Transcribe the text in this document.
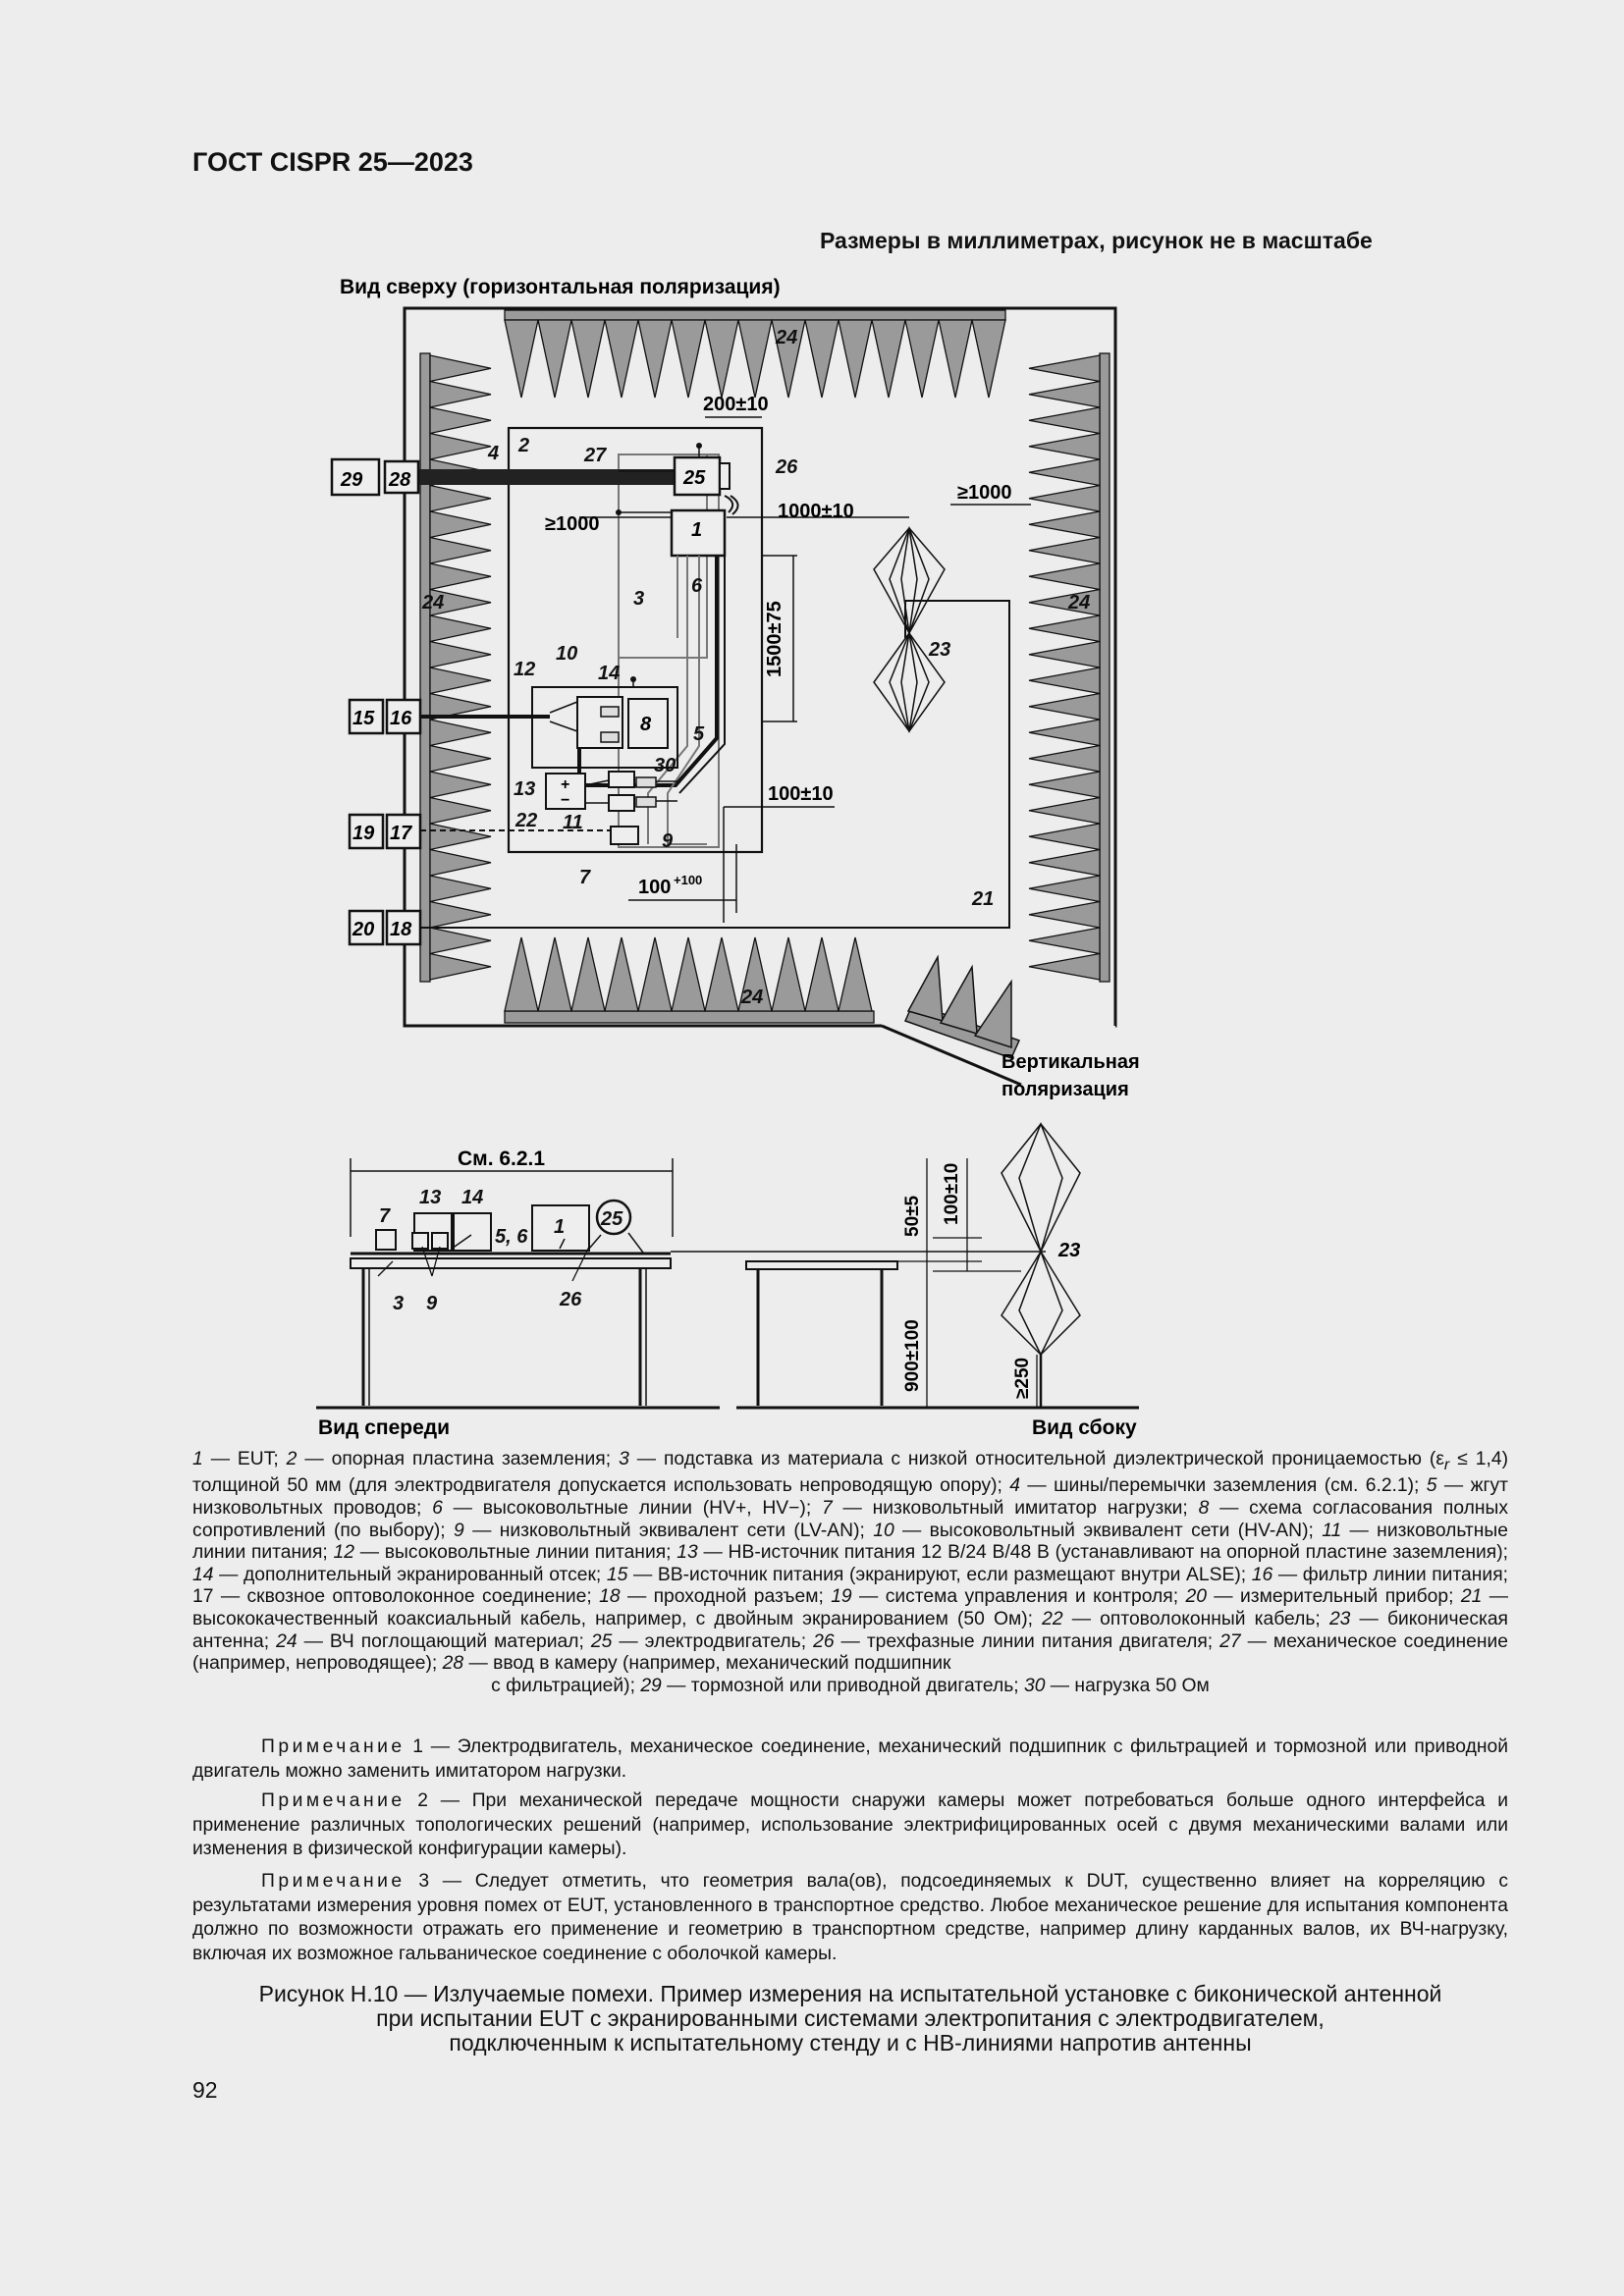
ГОСТ CISPR 25—2023
Размеры в миллиметрах, рисунок не в масштабе
Вид сверху (горизонтальная поляризация)
Вертикальная
поляризация
29 28	25
1
8
+
−
15 16
19 17
20 18
200±10
≥1000
1000±10
≥1000
1500±75
100±10
100 +100
24
24	24
24
4 2	27
26
3
6
23
10
14
12
5
30
13
22 11
9
7
21
См. 6.2.1
7
13 14
5, 6 1 25
3 9	26
50±5 100±10
900±100	≥250
23
Вид спереди	Вид сбоку
1 — EUT; 2 — опорная пластина заземления; 3 — подставка из материала с низкой относительной диэлектрической проницаемостью $(\varepsilon_r \le 1,4)$ толщиной 50 мм (для электродвигателя допускается использовать непроводящую опору); 4 — шины/перемычки заземления (см. 6.2.1); 5 — жгут низковольтных проводов; 6 — высоковольтные линии (HV+, HV−); 7 — низковольтный имитатор нагрузки; 8 — схема согласования полных сопротивлений (по выбору); 9 — низковольтный эквивалент сети (LV-AN); 10 — высоковольтный эквивалент сети (HV-AN); 11 — низковольтные линии питания; 12 — высоковольтные линии питания; 13 — НВ-источник питания 12 В/24 В/48 В (устанавливают на опорной пластине заземления); 14 — дополнительный экранированный отсек; 15 — ВВ-источник питания (экранируют, если размещают внутри ALSE); 16 — фильтр линии питания; 17 — сквозное оптоволоконное соединение; 18 — проходной разъем; 19 — система управления и контроля; 20 — измерительный прибор; 21 — высококачественный коаксиальный кабель, например, с двойным экранированием (50 Ом); 22 — оптоволоконный кабель; 23 — биконическая антенна; 24 — ВЧ поглощающий материал; 25 — электродвигатель; 26 — трехфазные линии питания двигателя; 27 — механическое соединение (например, непроводящее); 28 — ввод в камеру (например, механический подшипник
с фильтрацией); 29 — тормозной или приводной двигатель; 30 — нагрузка 50 Ом
Примечание 1 — Электродвигатель, механическое соединение, механический подшипник с фильтрацией и тормозной или приводной двигатель можно заменить имитатором нагрузки.
Примечание 2 — При механической передаче мощности снаружи камеры может потребоваться больше одного интерфейса и применение различных топологических решений (например, использование электрифицированных осей с двумя механическими валами или изменения в физической конфигурации камеры).
Примечание 3 — Следует отметить, что геометрия вала(ов), подсоединяемых к DUT, существенно влияет на корреляцию с результатами измерения уровня помех от EUT, установленного в транспортное средство. Любое механическое решение для испытания компонента должно по возможности отражать его применение и геометрию в транспортном средстве, например длину карданных валов, их ВЧ-нагрузку, включая их возможное гальваническое соединение с оболочкой камеры.
Рисунок H.10 — Излучаемые помехи. Пример измерения на испытательной установке с биконической антенной
при испытании EUT с экранированными системами электропитания с электродвигателем,
подключенным к испытательному стенду и с НВ-линиями напротив антенны
92
